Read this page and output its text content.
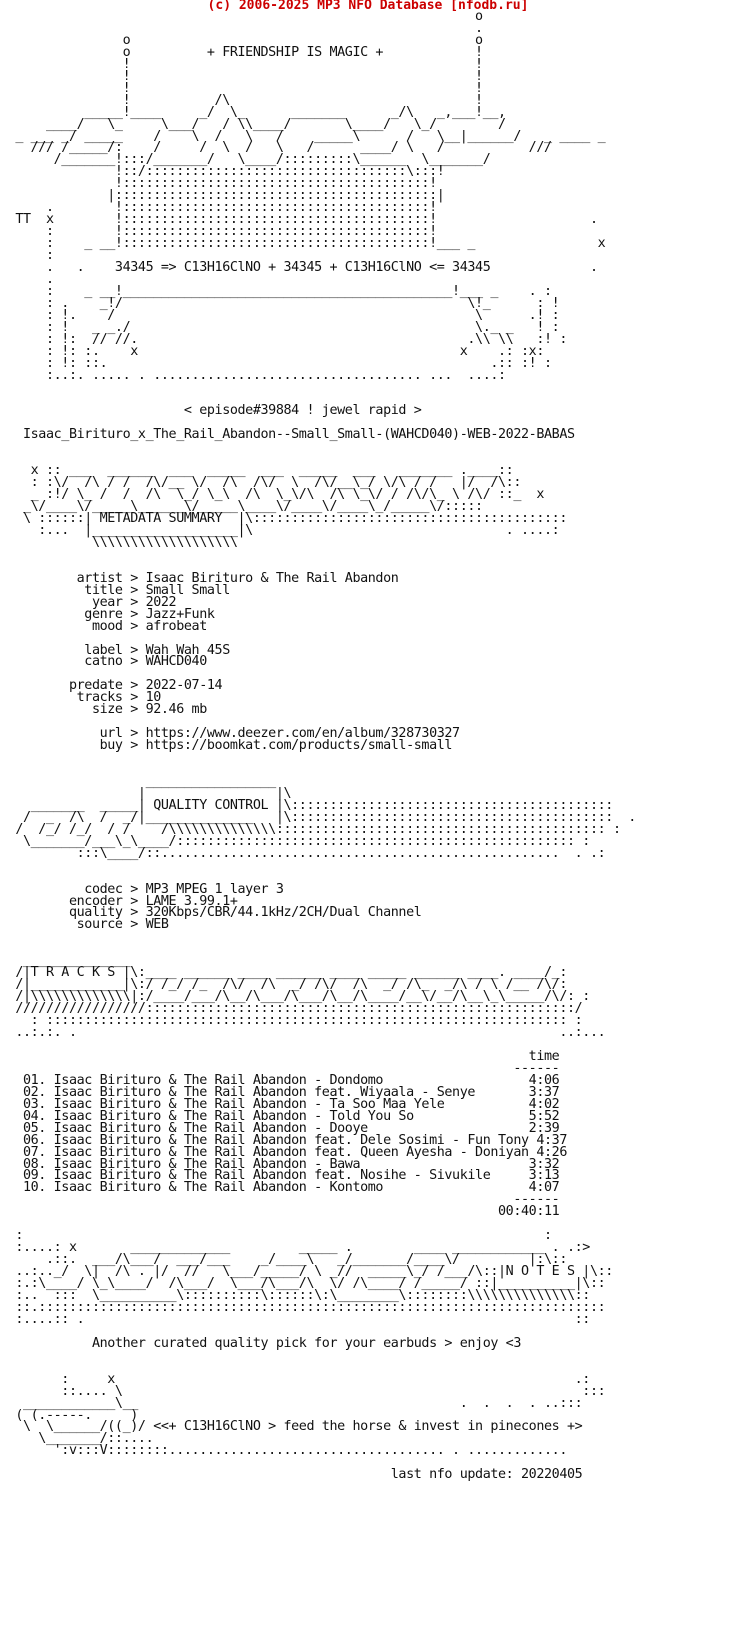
(c) 2006-2025 MP3 NFO Database [nfodb.ru]
o
.
o                                             o
o          + FRIENDSHIP IS MAGIC +            !
!                                             !
!                                             !
!                                             !
!           /\                                !
_____!____     _/  \_      _______      _/\   _,___!__,
____/   \_     \___/   / \\____/       \____/   \_/        /
_ ___ _/ _____    /    \  /   \   /    _____\      /   \__|______/   _ ____ _
/// /_____/:    /     /  \  /   \   /      ____/ \   /           ///
/_______!:::/_______/   \____/:::::::::\______  \_______/
!::/::::::::::::::::::::::::::::::::::\:::!
!::::::::::::::::::::::::::::::::::::::::!
|::::::::::::::::::::::::::::::::::::::::::|
.        !::::::::::::::::::::::::::::::::::::::::!
TT  x        !::::::::::::::::::::::::::::::::::::::::!                    .
:        !::::::::::::::::::::::::::::::::::::::::!
:    _ __!::::::::::::::::::::::::::::::::::::::::!___ _                x
:
.   .    34345 => C13H16ClNO + 34345 + C13H16ClNO <= 34345             .
.
:    _ __!___________________________________________!___ _    . :
: .    _!/                                             \!_      : !
: !.    /                                               \      .! :
: !   _ _./                                             \._ _   ! :
: !:  // //.                                           .\\ \\   :! :
: !: :.    x                                          x    .: :x:
: !: ::.                                                  .:: :! :
:..:. ..... . ................................... ...  ....:

< episode#39884 ! jewel rapid >

Isaac_Birituro_x_The_Rail_Abandon--Small_Small-(WAHCD040)-WEB-2022-BABAS

x :: ___  ______  ___  _____  ___  _____  ___   _______ .____::
: :\/  /\ / /  /\/__ \/  /\  /\/  \  /\/__\_/ \/\ / /   |/  /\::
_ :!/ \_ /  /  /\  \_/ \_\  /\  \_\/\  /\ \_\/ / /\/\_ \ /\/ ::_  x
_\/____\/_____\______\/_____\____\/____\/____\_/_____\/:::::
\ ::::::| METADATA SUMMARY  |\:::::::::::::::::::::::::::::::::::::::::
:...  |___________________|\                                 . ....:
\\\\\\\\\\\\\\\\\\\

artist > Isaac Birituro & The Rail Abandon
title > Small Small
year > 2022
genre > Jazz+Funk
mood > afrobeat

label > Wah Wah 45S
catno > WAHCD040

predate > 2022-07-14
tracks > 10
size > 92.46 mb

url > https://www.deezer.com/en/album/328730327
buy > https://boomkat.com/products/small-small

_________________
|                 |\
_______  _____| QUALITY CONTROL |\::::::::::::::::::::::::::::::::::::::::::
/  _  /\  /  _/|______________   |\::::::::::::::::::::::::::::::::::::::::::  .
/  /_/ /_/  / /    /\\\\\\\\\\\\\\::::::::::::::::::::::::::::::::::::::::::: :
\_______/___\_\____/:::::::::::::::::::::::::::::::::::::::::::::::::::: :
:::\____/::....................................................  . .:

codec > MP3 MPEG 1 layer 3
encoder > LAME 3.99.1+
quality > 320Kbps/CBR/44.1kHz/2CH/Dual Channel
source > WEB

______________
/|T R A C K S |\:____ ______ ____ ______ ____ _____ ______ ____. ____/_:
/|____________|\:/ /_/ /_  /\/  /\  _/ /\/  /\  _/ /\_  _/\ / \ /__ /\/:
/|\\\\\\\\\\\\\|:/____/___/\__/\___/\___/\__/\____/__\/__/\__\_\_____/\/: :
/////////////////::::::::::::::::::::::::::::::::::::::::::::::::::::::::/
: :::::::::::::::::::::::::::::::::::::::::::::::::::::::::::::::::::: :
..:.:. .                                                               ..:...

time
------
01. Isaac Birituro & The Rail Abandon - Dondomo                   4:06
02. Isaac Birituro & The Rail Abandon feat. Wiyaala - Senye       3:37
03. Isaac Birituro & The Rail Abandon - Ta Soo Maa Yele           4:02
04. Isaac Birituro & The Rail Abandon - Told You So               5:52
05. Isaac Birituro & The Rail Abandon - Dooye                     2:39
06. Isaac Birituro & The Rail Abandon feat. Dele Sosimi - Fun Tony 4:37
07. Isaac Birituro & The Rail Abandon feat. Queen Ayesha - Doniyan 4:26
08. Isaac Birituro & The Rail Abandon - Bawa                      3:32
09. Isaac Birituro & The Rail Abandon feat. Nosihe - Sivukile     3:13
10. Isaac Birituro & The Rail Abandon - Kontomo                   4:07
------
00:40:11

:                                                                    :
:....: x       _____________         _____ .        ____ ____________ . .:>
.::.  ___/\___/  ___/___    _/____\   _/_______/____\/         |:\::
..:.._/  \|  /\ . |/  //   \___/_____/ \ _//  _____\_/ /___/\::|N O T E S |\::
:.:\____/ \_\____/  /\___/  \___/\___/\  \/ /\____/ /_____/ ::|__________|\::
:..  :::  \__________\::::::::::\::::::\:\________\::::::::\\\\\\\\\\\\\\::
::.::::::::::::::::::::::::::::::::::::::::::::::::::::::::::::::::::::::::::
:....:: .                                                                ::

Another curated quality pick for your earbuds > enjoy <3

:     x                                                            .:
::.... \                                                            :::
____________\__                                          .  .  .  . ..:::
( (.-----.     )
\  \______/((_)/ <<+ C13H16ClNO > feed the horse & invest in pinecones +>
\_______/::....
':v:::V::::::::.................................... . .............

last nfo update: 20220405
